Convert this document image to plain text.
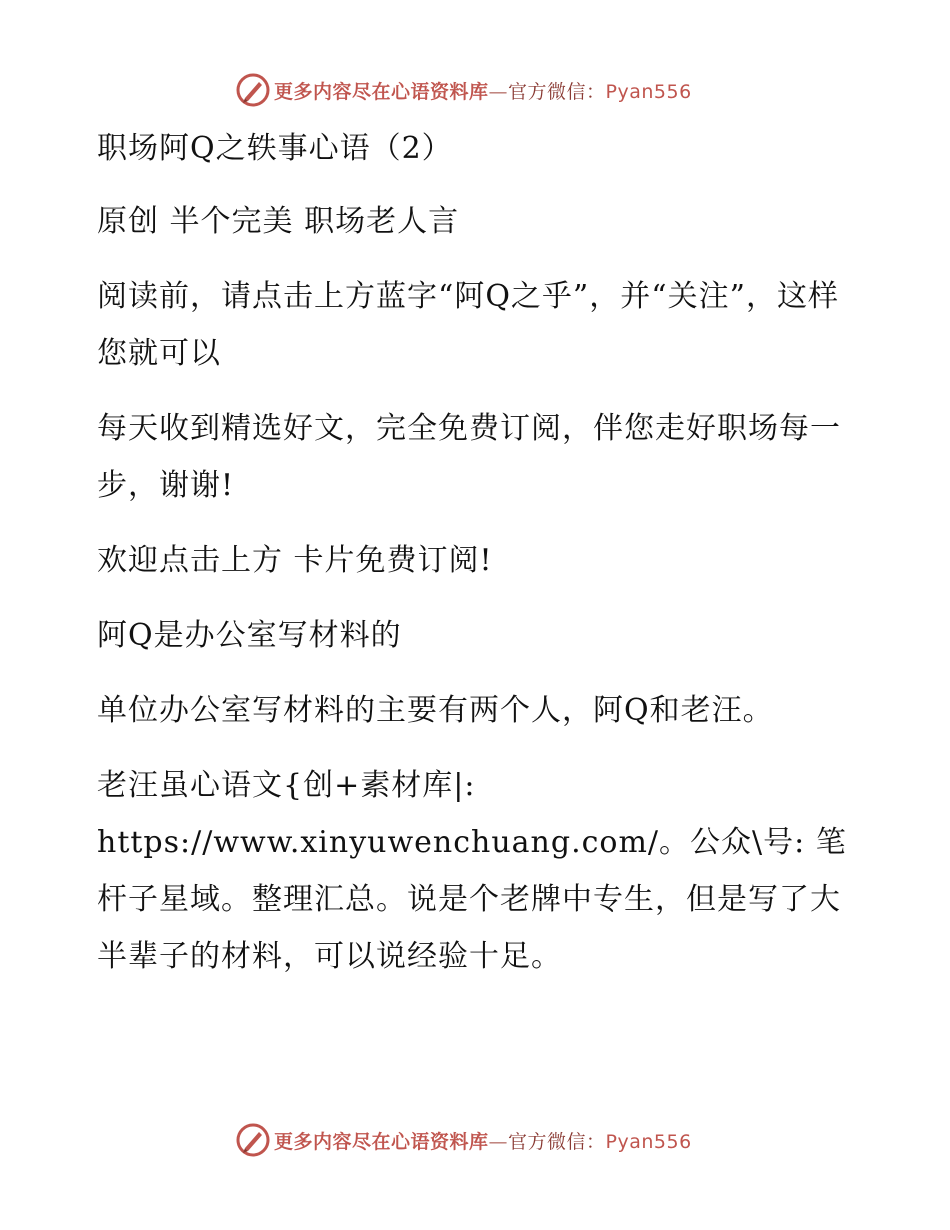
更多内容尽在心语资料库—官方微信：Pyan556

职场阿Q之轶事心语（2）

原创 半个完美 职场老人言

阅读前，请点击上方蓝字“阿Q之乎”，并“关注”，这样您就可以

每天收到精选好文，完全免费订阅，伴您走好职场每一步，谢谢!

欢迎点击上方 卡片免费订阅!

阿Q是办公室写材料的

单位办公室写材料的主要有两个人，阿Q和老汪。

老汪虽心语文{创+素材库|: https://www.xinyuwenchuang.com/。公众\号: 笔杆子星域。整理汇总。说是个老牌中专生，但是写了大半辈子的材料，可以说经验十足。

更多内容尽在心语资料库—官方微信：Pyan556
